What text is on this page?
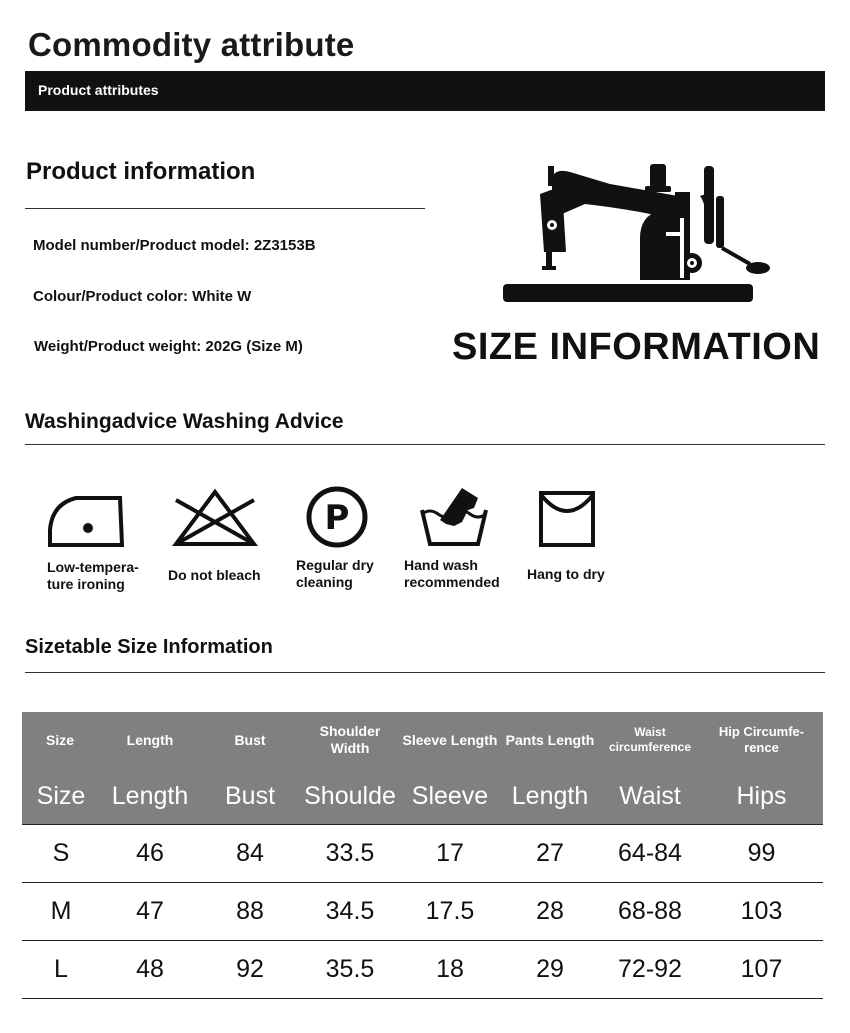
Commodity attribute
Product attributes
Product information
Model number/Product model: 2Z3153B
Colour/Product color: White W
Weight/Product weight: 202G (Size M)	SIZE INFORMATION
Washingadvice Washing Advice
Low-tempera-
ture ironing
Do not bleach
P
Regular dry
cleaning
Hand wash
recommended Hang to dry
Sizetable Size Information
Size	Length	Bust	Shoulder Width	Sleeve Length	Pants Length	Waist circumference	Hip Circumfe-rence
Size	Length	Bust	Shoulde	Sleeve	Length	Waist	Hips
S	46	84	33.5	17	27	64-84	99
M	47	88	34.5	17.5	28	68-88	103
L	48	92	35.5	18	29	72-92	107
